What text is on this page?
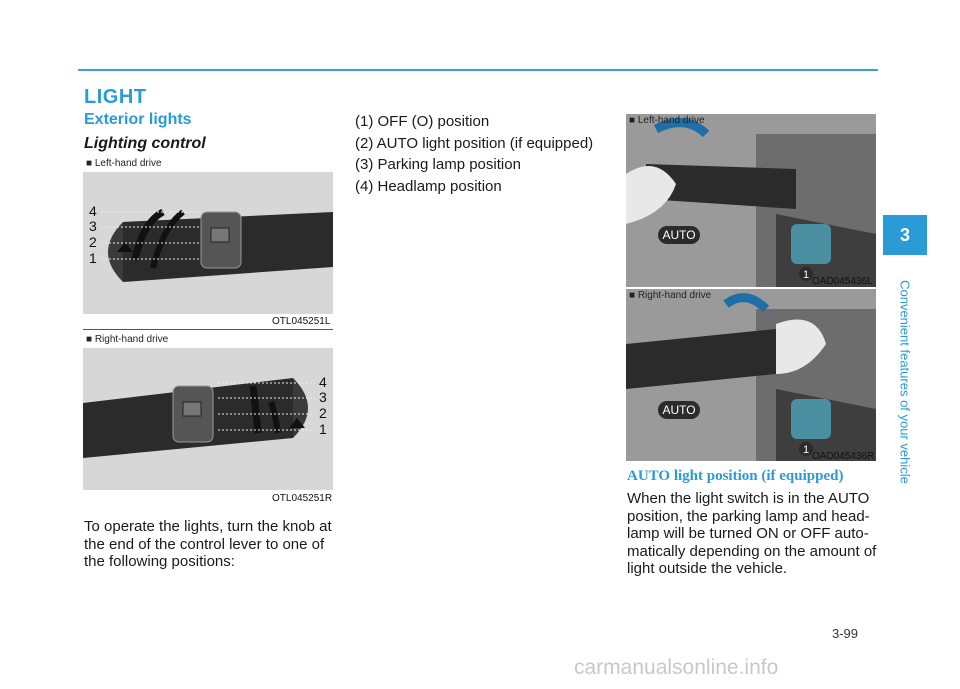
LIGHT
Exterior lights
Lighting control
■ Left-hand drive
4
3
2
1
OTL045251L
■ Right-hand drive
4
3
2
1
OTL045251R
To operate the lights, turn the knob at the end of the control lever to one of the following positions:
(1) OFF (O) position
(2) AUTO light position (if equipped)
(3) Parking lamp position
(4) Headlamp position
AUTO
1
■ Left-hand drive
OAD045436L
AUTO
1
■ Right-hand drive
OAD045436R
AUTO light position (if equipped)
When the light switch is in the AUTO position, the parking lamp and head-lamp will be turned ON or OFF auto-matically depending on the amount of light outside the vehicle.
3
Convenient features of your vehicle
3-99
carmanualsonline.info
